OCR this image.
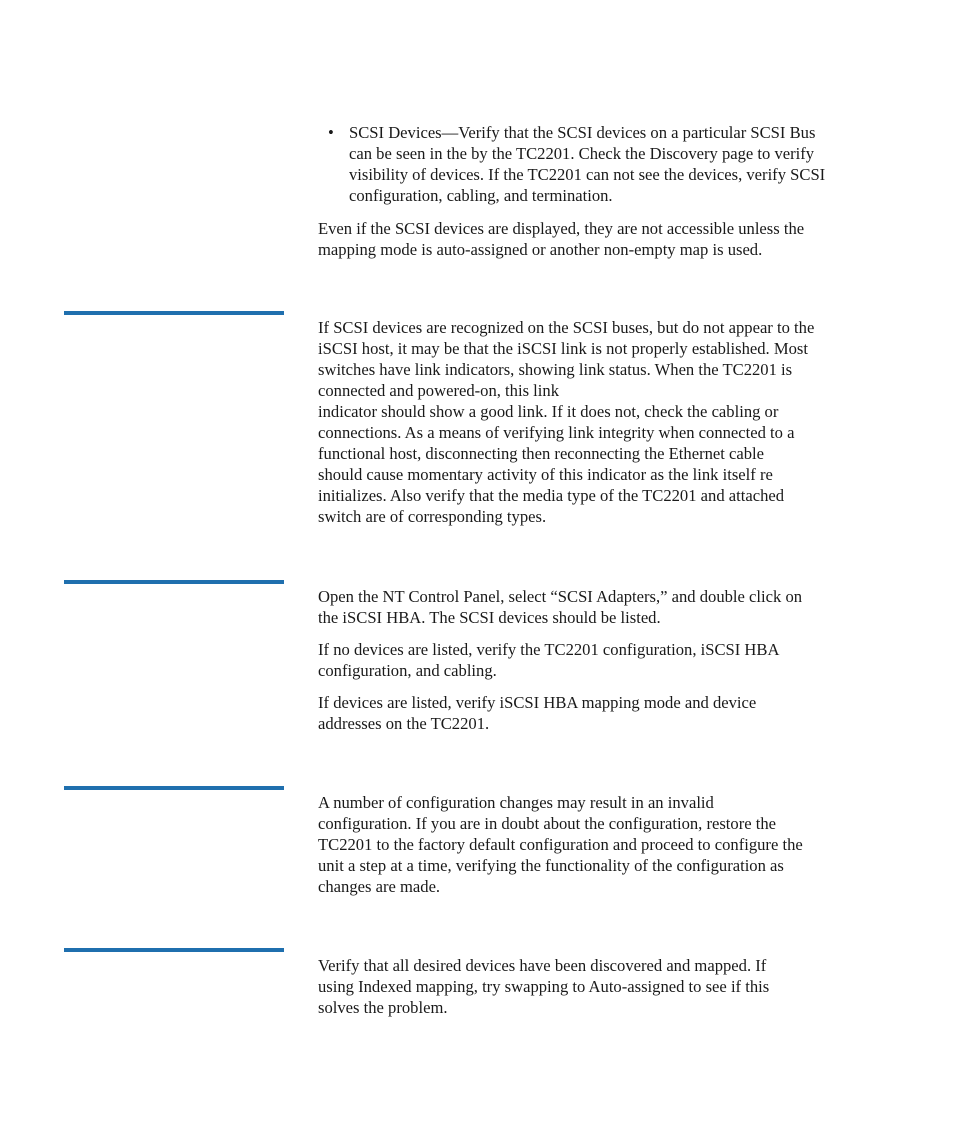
• SCSI Devices—Verify that the SCSI devices on a particular SCSI Bus
can be seen in the by the TC2201. Check the Discovery page to verify
visibility of devices. If the TC2201 can not see the devices, verify SCSI
configuration, cabling, and termination.
Even if the SCSI devices are displayed, they are not accessible unless the
mapping mode is auto-assigned or another non-empty map is used.
If SCSI devices are recognized on the SCSI buses, but do not appear to the
iSCSI host, it may be that the iSCSI link is not properly established. Most
switches have link indicators, showing link status. When the TC2201 is
connected and powered-on, this link
indicator should show a good link. If it does not, check the cabling or
connections. As a means of verifying link integrity when connected to a
functional host, disconnecting then reconnecting the Ethernet cable
should cause momentary activity of this indicator as the link itself re
initializes. Also verify that the media type of the TC2201 and attached
switch are of corresponding types.

Open the NT Control Panel, select “SCSI Adapters,” and double click on
the iSCSI HBA. The SCSI devices should be listed.

If no devices are listed, verify the TC2201 configuration, iSCSI HBA
configuration, and cabling.

If devices are listed, verify iSCSI HBA mapping mode and device
addresses on the TC2201.

A number of configuration changes may result in an invalid
configuration. If you are in doubt about the configuration, restore the
TC2201 to the factory default configuration and proceed to configure the
unit a step at a time, verifying the functionality of the configuration as
changes are made.
Verify that all desired devices have been discovered and mapped. If
using Indexed mapping, try swapping to Auto-assigned to see if this
solves the problem.
